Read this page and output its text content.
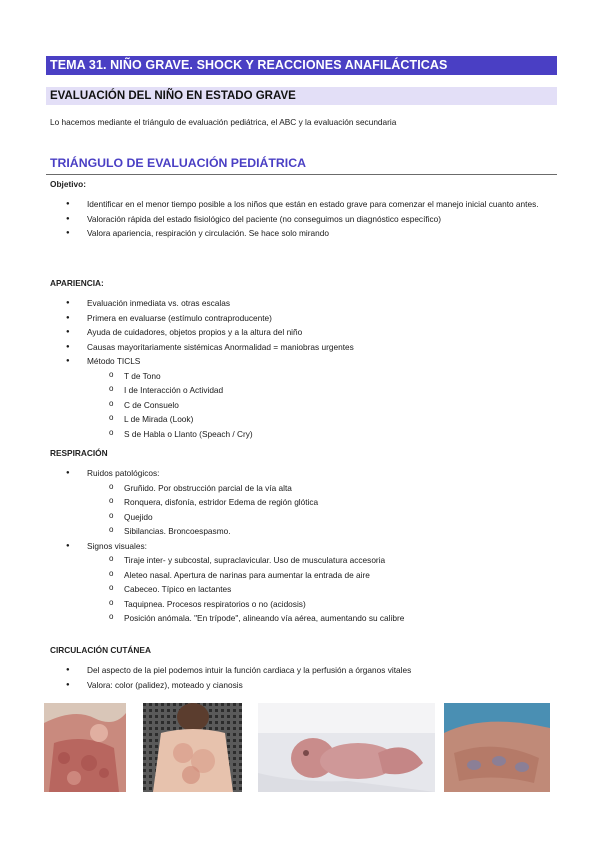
TEMA 31. NIÑO GRAVE. SHOCK Y REACCIONES ANAFILÁCTICAS
EVALUACIÓN DEL NIÑO EN ESTADO GRAVE
Lo hacemos mediante el triángulo de evaluación pediátrica, el ABC y la evaluación secundaria
TRIÁNGULO DE EVALUACIÓN PEDIÁTRICA
Objetivo:
● Identificar en el menor tiempo posible a los niños que están en estado grave para comenzar el manejo inicial cuanto antes.
● Valoración rápida del estado fisiológico del paciente (no conseguimos un diagnóstico específico)
● Valora apariencia, respiración y circulación. Se hace solo mirando
APARIENCIA:
● Evaluación inmediata vs. otras escalas
● Primera en evaluarse (estímulo contraproducente)
● Ayuda de cuidadores, objetos propios y a la altura del niño
● Causas mayoritariamente sistémicas Anormalidad = maniobras urgentes
● Método TICLS
o T de Tono
o I de Interacción o Actividad
o C de Consuelo
o L de Mirada (Look)
o S de Habla o Llanto (Speach / Cry)
RESPIRACIÓN
● Ruidos patológicos:
o Gruñido. Por obstrucción parcial de la vía alta
o Ronquera, disfonía, estridor Edema de región glótica
o Quejido
o Sibilancias. Broncoespasmo.
● Signos visuales:
o Tiraje inter- y subcostal, supraclavicular. Uso de musculatura accesoria
o Aleteo nasal. Apertura de narinas para aumentar la entrada de aire
o Cabeceo. Típico en lactantes
o Taquipnea. Procesos respiratorios o no (acidosis)
o Posición anómala. "En trípode", alineando vía aérea, aumentando su calibre
CIRCULACIÓN CUTÁNEA
● Del aspecto de la piel podemos intuir la función cardiaca y la perfusión a órganos vitales
● Valora: color (palidez), moteado y cianosis
